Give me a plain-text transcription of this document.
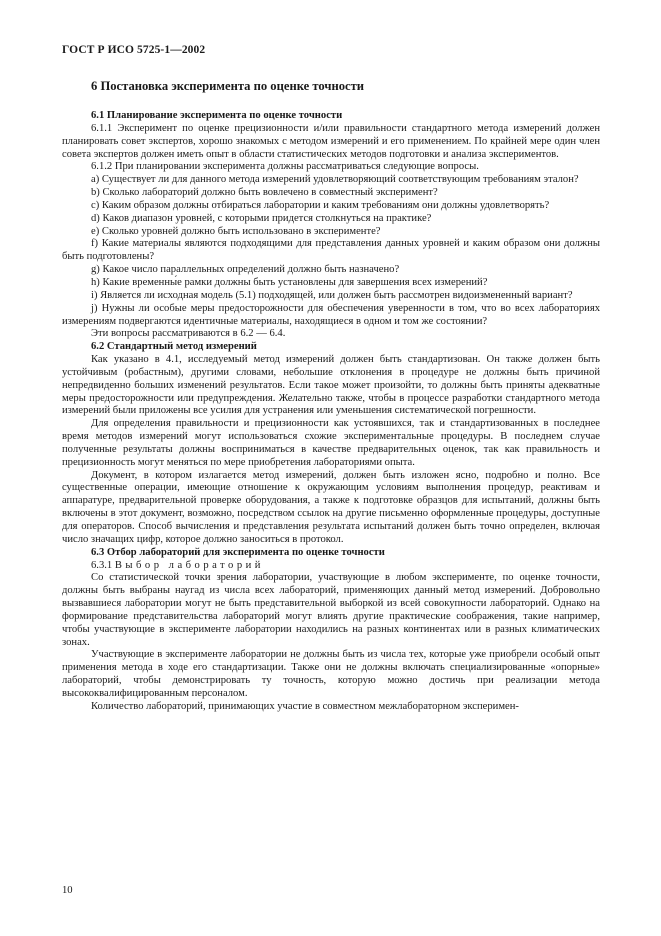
ГОСТ Р ИСО 5725-1—2002
6 Постановка эксперимента по оценке точности
6.1 Планирование эксперимента по оценке точности

6.1.1 Эксперимент по оценке прецизионности и/или правильности стандартного метода измерений должен планировать совет экспертов, хорошо знакомых с методом измерений и его применением. По крайней мере один член совета экспертов должен иметь опыт в области статистических методов подготовки и анализа экспериментов.

6.1.2 При планировании эксперимента должны рассматриваться следующие вопросы.

a) Существует ли для данного метода измерений удовлетворяющий соответствующим требованиям эталон?

b) Сколько лабораторий должно быть вовлечено в совместный эксперимент?

c) Каким образом должны отбираться лаборатории и каким требованиям они должны удовлетворять?

d) Каков диапазон уровней, с которыми придется столкнуться на практике?

e) Сколько уровней должно быть использовано в эксперименте?

f) Какие материалы являются подходящими для представления данных уровней и каким образом они должны быть подготовлены?

g) Какое число параллельных определений должно быть назначено?

h) Какие временны́е рамки должны быть установлены для завершения всех измерений?

i) Является ли исходная модель (5.1) подходящей, или должен быть рассмотрен видоизмененный вариант?

j) Нужны ли особые меры предосторожности для обеспечения уверенности в том, что во всех лабораториях измерениям подвергаются идентичные материалы, находящиеся в одном и том же состоянии?

Эти вопросы рассматриваются в 6.2 — 6.4.

6.2 Стандартный метод измерений

Как указано в 4.1, исследуемый метод измерений должен быть стандартизован. Он также должен быть устойчивым (робастным), другими словами, небольшие отклонения в процедуре не должны быть причиной непредвиденно больших изменений результатов. Если такое может произойти, то должны быть приняты адекватные меры предосторожности или предупреждения. Желательно также, чтобы в процессе разработки стандартного метода измерений были приложены все усилия для устранения или уменьшения систематической погрешности.

Для определения правильности и прецизионности как устоявшихся, так и стандартизованных в последнее время методов измерений могут использоваться схожие экспериментальные процедуры. В последнем случае полученные результаты должны восприниматься в качестве предварительных оценок, так как правильность и прецизионность могут меняться по мере приобретения лабораториями опыта.

Документ, в котором излагается метод измерений, должен быть изложен ясно, подробно и полно. Все существенные операции, имеющие отношение к окружающим условиям выполнения процедур, реактивам и аппаратуре, предварительной проверке оборудования, а также к подготовке образцов для испытаний, должны быть включены в этот документ, возможно, посредством ссылок на другие письменно оформленные процедуры, доступные для операторов. Способ вычисления и представления результата испытаний должен быть точно определен, включая число значащих цифр, которое должно заноситься в протокол.

6.3 Отбор лабораторий для эксперимента по оценке точности

6.3.1 Выбор лабораторий

Со статистической точки зрения лаборатории, участвующие в любом эксперименте, по оценке точности, должны быть выбраны наугад из числа всех лабораторий, применяющих данный метод измерений. Добровольно вызвавшиеся лаборатории могут не быть представительной выборкой из всей совокупности лабораторий. Однако на формирование представительства лабораторий могут влиять другие практические соображения, такие например, чтобы участвующие в эксперименте лаборатории находились на разных континентах или в разных климатических зонах.

Участвующие в эксперименте лаборатории не должны быть из числа тех, которые уже приобрели особый опыт применения метода в ходе его стандартизации. Также они не должны включать специализированные «опорные» лабораторий, чтобы демонстрировать ту точность, которую можно достичь при реализации метода высококвалифицированным персоналом.

Количество лабораторий, принимающих участие в совместном межлабораторном эксперимен-

10
